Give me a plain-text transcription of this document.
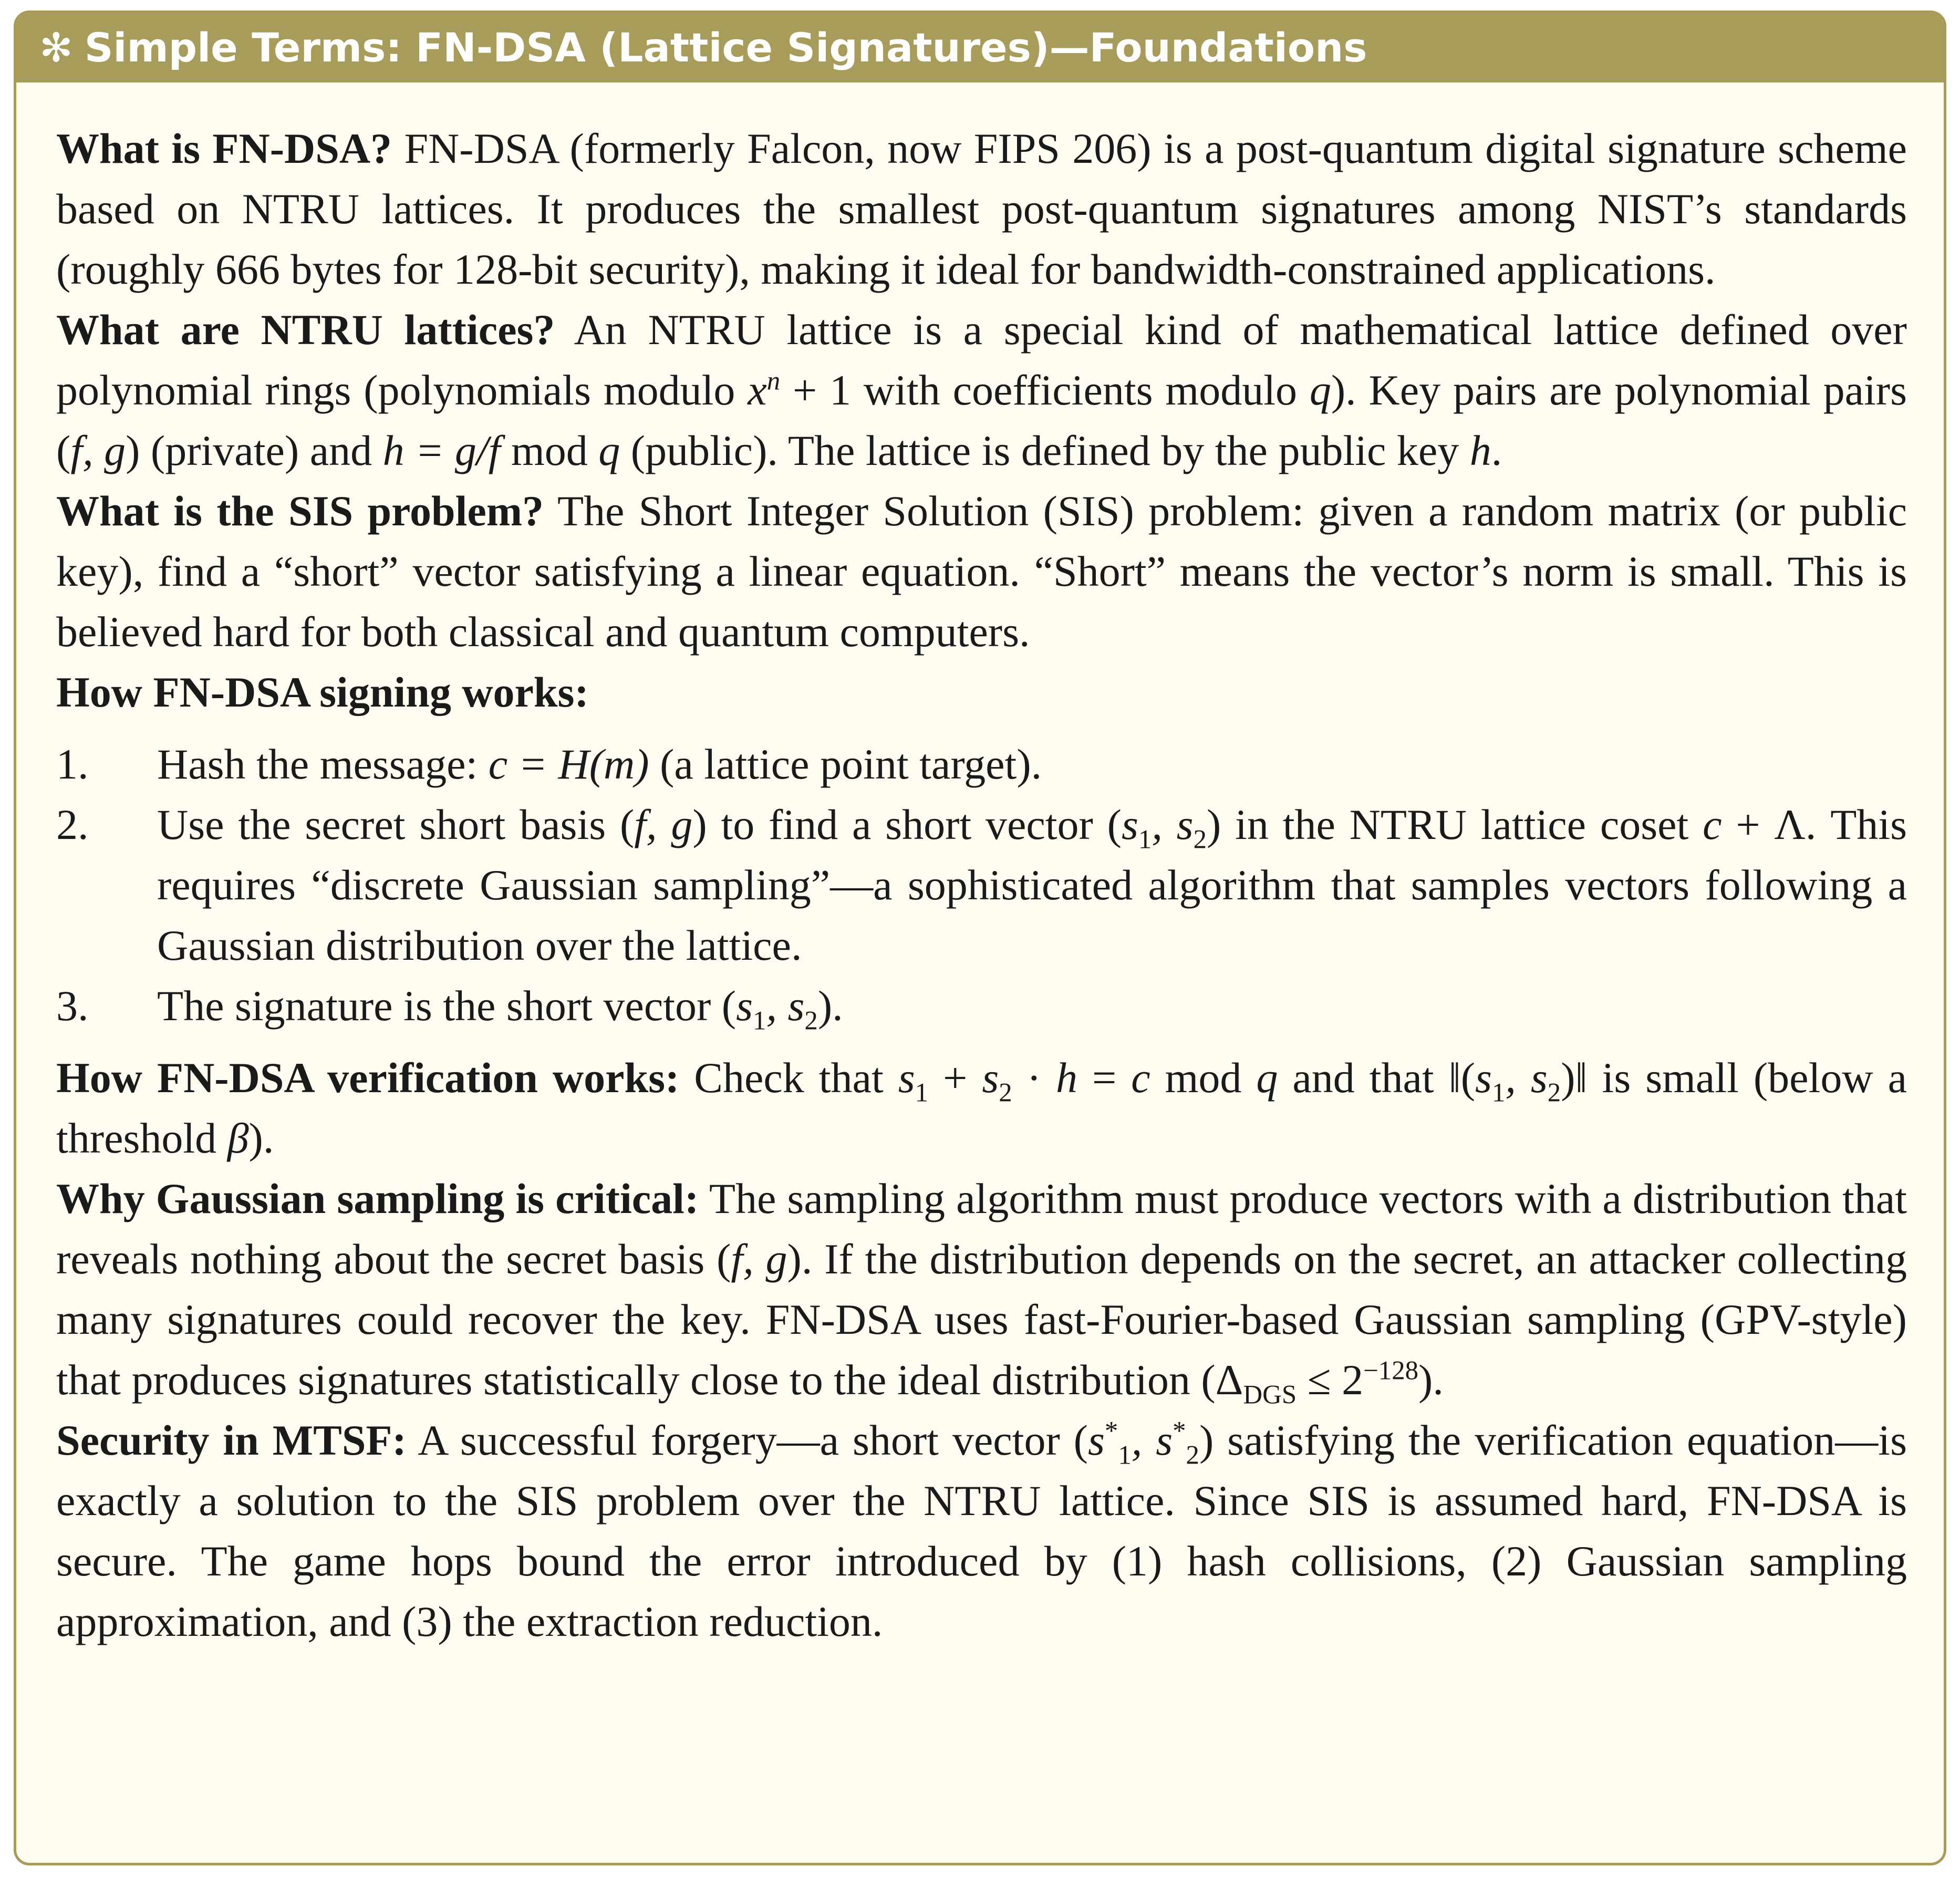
✻ Simple Terms: FN-DSA (Lattice Signatures)—Foundations

What is FN-DSA? FN-DSA (formerly Falcon, now FIPS 206) is a post-quantum digital signature scheme based on NTRU lattices. It produces the smallest post-quantum signatures among NIST’s standards (roughly 666 bytes for 128-bit security), making it ideal for bandwidth-constrained applications.

What are NTRU lattices? An NTRU lattice is a special kind of mathematical lattice defined over polynomial rings (polynomials modulo $x^n + 1$ with coefficients modulo q). Key pairs are polynomial pairs (f, g) (private) and h = g/f mod q (public). The lattice is defined by the public key h.

What is the SIS problem? The Short Integer Solution (SIS) problem: given a random matrix (or public key), find a “short” vector satisfying a linear equation. “Short” means the vector’s norm is small. This is believed hard for both classical and quantum computers.

How FN-DSA signing works:

1.	Hash the message: c = H(m) (a lattice point target).
2.	Use the secret short basis (f, g) to find a short vector ($s_1$, $s_2$) in the NTRU lattice coset c + Λ. This requires “discrete Gaussian sampling”—a sophisticated algorithm that samples vectors following a Gaussian distribution over the lattice.
3.	The signature is the short vector ($s_1$, $s_2$).

How FN-DSA verification works: Check that $s_1 + s_2 \cdot h = c$ mod q and that $‖(s_1$, $s_2)‖$ is small (below a threshold β).

Why Gaussian sampling is critical: The sampling algorithm must produce vectors with a distribution that reveals nothing about the secret basis (f, g). If the distribution depends on the secret, an attacker collecting many signatures could recover the key. FN-DSA uses fast-Fourier-based Gaussian sampling (GPV-style) that produces signatures statistically close to the ideal distribution $(\Delta_{DGS} \le 2^{-128})$.

Security in MTSF: A successful forgery—a short vector ($s^*_1$, $s^*_2$) satisfying the verification equation—is exactly a solution to the SIS problem over the NTRU lattice. Since SIS is assumed hard, FN-DSA is secure. The game hops bound the error introduced by (1) hash collisions, (2) Gaussian sampling approximation, and (3) the extraction reduction.
